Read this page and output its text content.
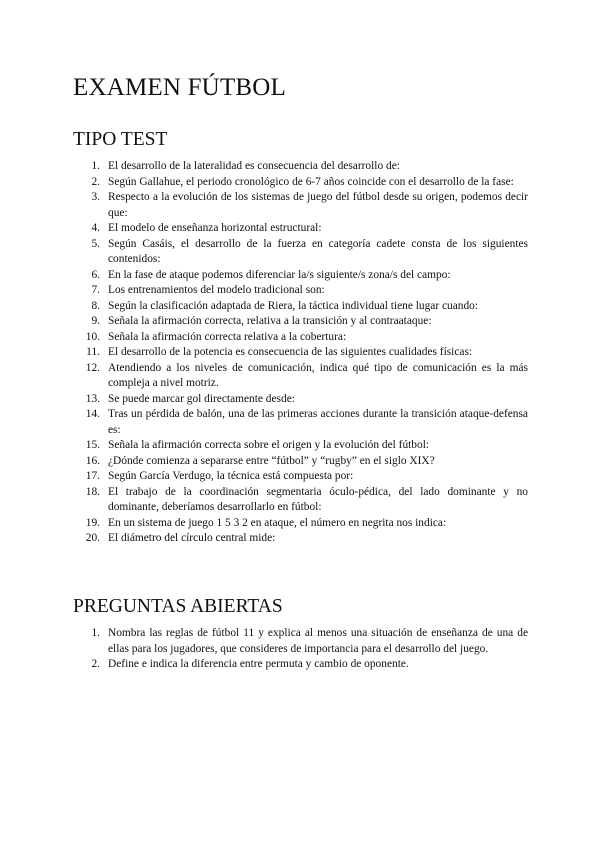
EXAMEN FÚTBOL
TIPO TEST
1. El desarrollo de la lateralidad es consecuencia del desarrollo de:
2. Según Gallahue, el periodo cronológico de 6-7 años coincide con el desarrollo de la fase:
3. Respecto a la evolución de los sistemas de juego del fútbol desde su origen, podemos decir que:
4. El modelo de enseñanza horizontal estructural:
5. Según Casáis, el desarrollo de la fuerza en categoría cadete consta de los siguientes contenidos:
6. En la fase de ataque podemos diferenciar la/s siguiente/s zona/s del campo:
7. Los entrenamientos del modelo tradicional son:
8. Según la clasificación adaptada de Riera, la táctica individual tiene lugar cuando:
9. Señala la afirmación correcta, relativa a la transición y al contraataque:
10. Señala la afirmación correcta relativa a la cobertura:
11. El desarrollo de la potencia es consecuencia de las siguientes cualidades físicas:
12. Atendiendo a los niveles de comunicación, indica qué tipo de comunicación es la más compleja a nivel motriz.
13. Se puede marcar gol directamente desde:
14. Tras un pérdida de balón, una de las primeras acciones durante la transición ataque-defensa es:
15. Señala la afirmación correcta sobre el origen y la evolución del fútbol:
16. ¿Dónde comienza a separarse entre “fútbol” y “rugby” en el siglo XIX?
17. Según García Verdugo, la técnica está compuesta por:
18. El trabajo de la coordinación segmentaria óculo-pédica, del lado dominante y no dominante, deberíamos desarrollarlo en fútbol:
19. En un sistema de juego 1 5 3 2 en ataque, el número en negrita nos indica:
20. El diámetro del círculo central mide:
PREGUNTAS ABIERTAS
1. Nombra las reglas de fútbol 11 y explica al menos una situación de enseñanza de una de ellas para los jugadores, que consideres de importancia para el desarrollo del juego.
2. Define e indica la diferencia entre permuta y cambio de oponente.
